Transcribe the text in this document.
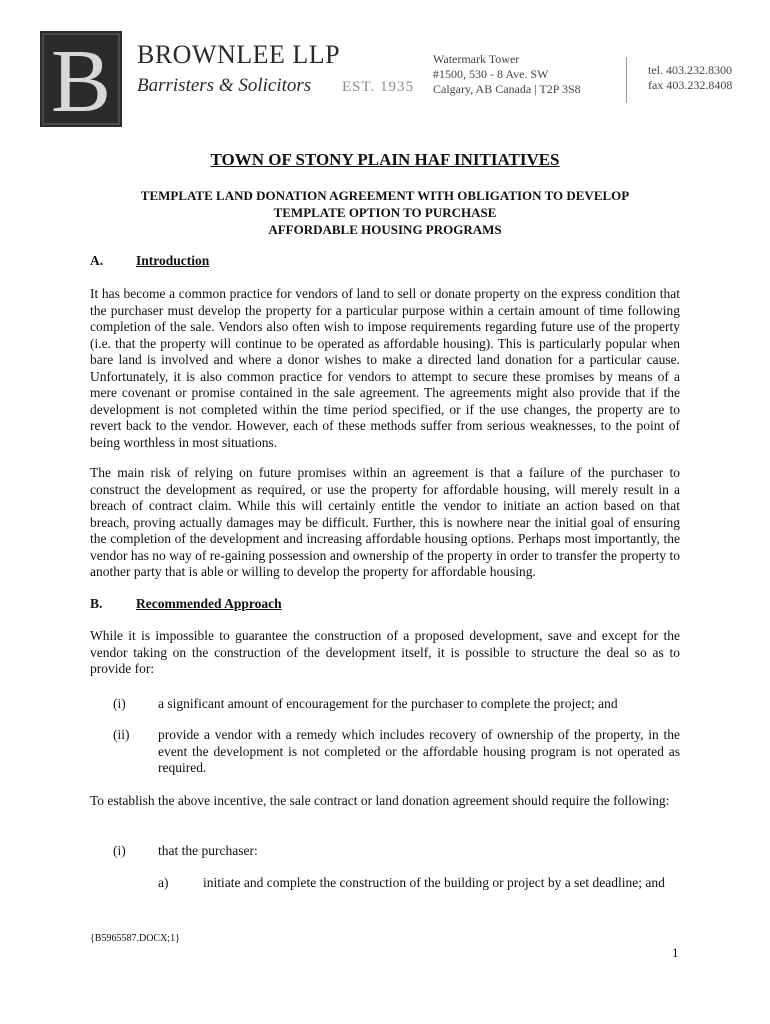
B BROWNLEE LLP
Barristers & Solicitors EST. 1935
Watermark Tower
#1500, 530 - 8 Ave. SW
Calgary, AB Canada | T2P 3S8
tel. 403.232.8300
fax 403.232.8408
TOWN OF STONY PLAIN HAF INITIATIVES
TEMPLATE LAND DONATION AGREEMENT WITH OBLIGATION TO DEVELOP
TEMPLATE OPTION TO PURCHASE
AFFORDABLE HOUSING PROGRAMS
A. Introduction

It has become a common practice for vendors of land to sell or donate property on the express condition that the purchaser must develop the property for a particular purpose within a certain amount of time following completion of the sale. Vendors also often wish to impose requirements regarding future use of the property (i.e. that the property will continue to be operated as affordable housing). This is particularly popular when bare land is involved and where a donor wishes to make a directed land donation for a particular cause. Unfortunately, it is also common practice for vendors to attempt to secure these promises by means of a mere covenant or promise contained in the sale agreement. The agreements might also provide that if the development is not completed within the time period specified, or if the use changes, the property are to revert back to the vendor. However, each of these methods suffer from serious weaknesses, to the point of being worthless in most situations.

The main risk of relying on future promises within an agreement is that a failure of the purchaser to construct the development as required, or use the property for affordable housing, will merely result in a breach of contract claim. While this will certainly entitle the vendor to initiate an action based on that breach, proving actually damages may be difficult. Further, this is nowhere near the initial goal of ensuring the completion of the development and increasing affordable housing options. Perhaps most importantly, the vendor has no way of re-gaining possession and ownership of the property in order to transfer the property to another party that is able or willing to develop the property for affordable housing.

B. Recommended Approach

While it is impossible to guarantee the construction of a proposed development, save and except for the vendor taking on the construction of the development itself, it is possible to structure the deal so as to provide for:

(i) a significant amount of encouragement for the purchaser to complete the project; and
(ii) provide a vendor with a remedy which includes recovery of ownership of the property, in the event the development is not completed or the affordable housing program is not operated as required.

To establish the above incentive, the sale contract or land donation agreement should require the following:

(i) that the purchaser:
a)	initiate and complete the construction of the building or project by a set deadline; and
{B5965587.DOCX;1}
1
